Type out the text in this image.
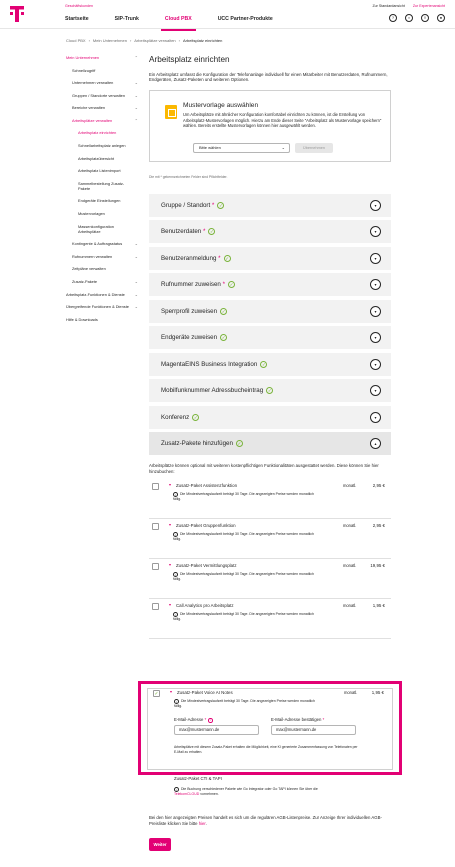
Geschäftskunden
Startseite	SIP-Trunk	Cloud PBX	UCC Partner-Produkte
Zur Standardansicht Zur Expertenansicht
?	∩	◊	●
Cloud PBX › Mein Unternehmen › Arbeitsplätze verwalten › Arbeitsplatz einrichten
Mein Unternehmen	⌃
Schnellzugriff
Unternehmen verwalten	⌄
Gruppen / Standorte verwalten ⌄
Bereiche verwalten	⌄
Arbeitsplätze verwalten	⌃
Arbeitsplatz einrichten
Schnellarbeitsplatz anlegen
Arbeitsplatzübersicht
Arbeitsplatz Listenimport
Sammelbestellung Zusatz-Pakete
Endgeräte Einstellungen
Mustervorlagen
Massenkonfiguration Arbeitsplätze
Kontingente & Auftragsstatus	⌄
Rufnummern verwalten	⌄
Zeitpläne verwalten
Zusatz-Pakete	⌄
Arbeitsplatz-Funktionen & Dienste ⌄
Übergreifende Funktionen & Dienste ⌄
Hilfe & Downloads
Arbeitsplatz einrichten
Ein Arbeitsplatz umfasst die Konfiguration der Telefonanlage individuell für einen Mitarbeiter mit Benutzerdaten, Rufnummern, Endgeräten, Zusatz-Paketen und weiteren Optionen.
Mustervorlage auswählen
Um Arbeitsplätze mit ähnlicher Konfiguration komfortabel einrichten zu können, ist die Erstellung von Arbeitsplatz-Mustervorlagen möglich. Hierzu am Ende dieser Seite "Arbeitsplatz als Mustervorlage speichern" wählen. Bereits erstellte Mustervorlagen können hier ausgewählt werden.
Bitte wählen	⌄	Übernehmen
Die mit * gekennzeichneten Felder sind Pflichtfelder.
Gruppe / Standort * ✓	▾
Benutzerdaten * ✓	▾
Benutzeranmeldung * ✓	▾
Rufnummer zuweisen * ✓	▾
Sperrprofil zuweisen ✓	▾
Endgeräte zuweisen ✓	▾
MagentaEINS Business Integration ✓	▾
Mobilfunknummer Adressbucheintrag ✓	▾
Konferenz ✓	▾
Zusatz-Pakete hinzufügen ✓	▴
Arbeitsplätze können optional mit weiteren kostenpflichtigen Funktionalitäten ausgestattet werden. Diese können Sie hier hinzubuchen:
Zusatz-Paket Assistenzfunktion	monatl.	2,95 €
i Die Mindestvertragslaufzeit beträgt 30 Tage. Die angezeigten Preise werden monatlich fällig.
Zusatz-Paket Gruppenfunktion	monatl.	2,95 €
i Die Mindestvertragslaufzeit beträgt 30 Tage. Die angezeigten Preise werden monatlich fällig.
Zusatz-Paket Vermittlungsplatz	monatl.	19,95 €
i Die Mindestvertragslaufzeit beträgt 30 Tage. Die angezeigten Preise werden monatlich fällig.
Call Analytics pro Arbeitsplatz	monatl.	1,95 €
i Die Mindestvertragslaufzeit beträgt 30 Tage. Die angezeigten Preise werden monatlich fällig.
✓	Zusatz-Paket Voice AI Notes	monatl.	1,95 €
i Die Mindestvertragslaufzeit beträgt 30 Tage. Die angezeigten Preise werden monatlich fällig.
E-Mail-Adresse * i
max@mustermann.de
E-Mail-Adresse bestätigen *
max@mustermann.de
Arbeitsplätze mit diesem Zusatz-Paket erhalten die Möglichkeit, eine KI generierte Zusammenfassung von Telefonaten per E-Mail zu erhalten.
Zusatz-Paket CTI & TAPI
i Die Buchung verschiedener Pakete wie Go Integrator oder Go TAPI können Sie über die TelekomCLOUD vornehmen.
Bei den hier angezeigten Preisen handelt es sich um die regulären AGB-Listenpreise. Zur Anzeige Ihrer individuellen AGB-Preisliste klicken Sie bitte hier.
Weiter
